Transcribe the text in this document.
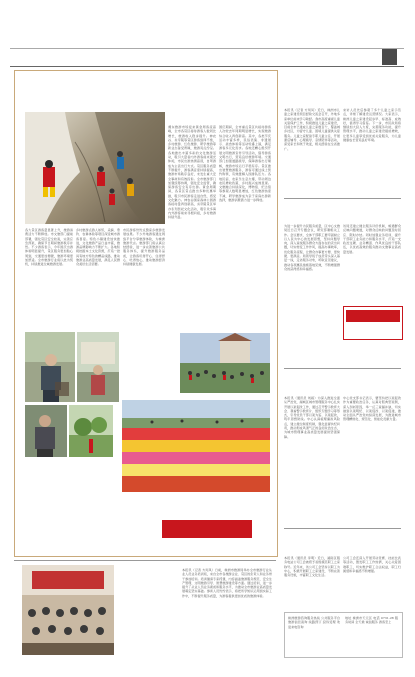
湘东旅游市场迎来黄金周客流高峰，全市各景区接待游客人数同比增长，旅游收入稳步提升。神农谷、炎帝陵等景区游客络绎不绝，乡村旅游、红色旅游、研学旅游等新业态备受青睐，旅游亮点纷呈。各地推出丰富多彩的文化旅游活动，吸引大量省内外游客前来观光休闲，市民出游热情高涨，自驾游成为主流出行方式。景区服务质量不断提升，游客满意度持续提高，旅游市场秩序良好，未发生重大安全事故和有效投诉。全市旅游部门加强统筹协调，强化安全监管，确保游客安全有序出游。黄金周期间，各景区景点推出多种优惠举措，吸引市民游客走进自然，感受文化魅力。神农谷国家森林公园游客接待量再创新高，炎帝陵景区举办系列祭祀文化活动，吸引众多海内外游客前来寻根问祖，乡村旅游持续升温。
国庆期间，全市重点景区共接待游客人次较去年同期明显增长，实现旅游综合收入再创新高。其中，各类节庆活动丰富多样，民俗表演、非遗展示、美食体验等活动轮番上演，满足游客多元化需求。各地还精心组织开展文明旅游宣传引导活动，倡导游客文明出行，营造良好旅游环境。交通部门加强道路疏导，保障游客出行顺畅，旅游市场运行平稳有序。景区推出智慧旅游服务，游客可通过线上预约购票，有效缓解入园排队压力。各地民宿、农家乐生意火爆，带动周边农民增收致富，乡村振兴成效显现。文旅融合持续深化，博物馆、纪念馆等参观人数明显增加，红色旅游热度不减，研学旅游成为亲子家庭出游新选择，旅游消费潜力进一步释放。
各大景区游客量显著上升，旅游消费活力不断释放。市文旅部门提前部署，强化景区安全检查，完善应急预案，确保节日期间旅游秩序井然。不少游客表示，今年国庆出游体验明显提升，景区服务更加贴心周到，交通更加便捷，旅游环境更加舒适。全市旅游行业将以此为契机，持续推进全域旅游发展。
乡村旅游点游人如织，采摘、垂钓、农耕体验等项目深受城市游客喜爱。特色小镇建设加快推进，文化旅游产品日益丰富，旅游品牌影响力不断扩大。各地积极挖掘本土文化资源，打造一批具有地方特色的精品线路，推动旅游业高质量发展，满足人民群众美好生活需要。
市民游客纷纷点赞家乡旅游发展成果。不少外地游客通过网络平台分享旅游体验，为株洲旅游代言。旅游部门将认真总结经验，进一步完善旅游公共服务体系，提升旅游服务品质，让游客玩得开心、住得舒心、吃得放心，推动旅游经济持续健康发展。
本报讯（记者 方珂凤）近日，株洲市儿童之家建设项目经验交流会召开，外地多家单位前来学习取经。我市高度重视儿童关爱保护工作，积极推进儿童之家建设，目前全市已建成儿童之家数百个，覆盖城乡社区，为留守儿童、困境儿童提供关爱服务。儿童之家配备专职儿童主任，开展课后辅导、心理疏导、亲情陪伴等活动，深受家长和孩子欢迎，相关经验在全省推广。
来访人员先后参观了多个儿童之家示范点，详细了解建设运营情况。大家表示，株洲儿童之家建设起步早、标准高、成效好，值得学习借鉴。下一步，市民政局将继续加大投入力度，完善服务功能，提升管理水平，推动儿童之家建设提质增效，让更多儿童享受到优质关爱服务，为儿童健康成长营造良好环境。
为进一步提升为民服务质量，区中心文旅局近日召开专题会议，研究部署相关工作。会议要求，全体干部职工要牢固树立以人民为中心的发展思想，坚持问题导向，深入查找服务群众方面存在的突出问题，切实转变工作作风，提高办事效率，优化服务流程，让群众办事更方便、更快捷、更满意。局领导班子成员带头深入基层一线，走访服务对象，听取意见建议，推动各项惠民措施落地见效，不断增强群众的获得感和幸福感。
该局还建立健全服务评价机制，畅通群众反映问题渠道，对群众反映的问题及时回应、限时办结。同时加强业务培训，提升干部职工业务能力和服务水平，打造一支政治过硬、业务精湛、作风优良的干部队伍，以优质高效的服务推动文旅事业高质量发展。
本报讯（通讯员 刘娟）为深入推进全面从严治党，湖城区城市管理服务中心扎实开展以案促改工作，通过召开警示教育大会、观看警示教育片、组织专题学习等形式，引导党员干部以案为鉴、以案促改，筑牢思想防线。中心认真梳理廉政风险点，建立健全制度机制，强化监督执纪问责，推动形成风清气正的良好政治生态，为城市管理事业高质量发展提供坚强保障。
中心党支部书记表示，要坚持把以案促改作为重要政治任务，认真对照典型案例，深入剖析原因，举一反三查漏补缺，切实做到以案明纪、以案促改、以案促建，推动全面从严治党向纵深发展，为推进城市管理精细化、规范化、智能化贡献力量。
本报讯（记者 方珂凤）日前，株洲市旅游局举办全市旅游行业从业人员业务培训班，来自全市各旅游企业、景区的负责人和业务骨干参加培训。培训邀请专家授课，内容涵盖旅游服务规范、安全生产管理、文明旅游引导、智慧旅游建设等方面。通过培训，进一步提升了从业人员业务素质和服务水平，为推动全市旅游业高质量发展奠定坚实基础。参训人员纷纷表示，将把所学知识运用到实际工作中，不断提升服务质量，为游客提供更加优质的旅游体验。
本报讯（通讯员 李明）近日，湖南区服务电站公司工会被授予省级模范职工之家称号。近年来，该公司工会坚持以职工为中心，积极开展职工之家建设，不断完善服务设施，丰富职工文化生活。
公司工会还深入开展劳动竞赛、技能比武等活动，激发职工工作热情，关心关爱困难职工，切实维护职工合法权益，职工归属感和幸福感不断增强。
株洲旅游咨询服务热线 公共服务平台 旅游信息查询 线路预订 投诉受理 欢迎来电咨询
地址 株洲市天元区 电话 0731-28 服务时间 全天候 诚信服务 游客至上
